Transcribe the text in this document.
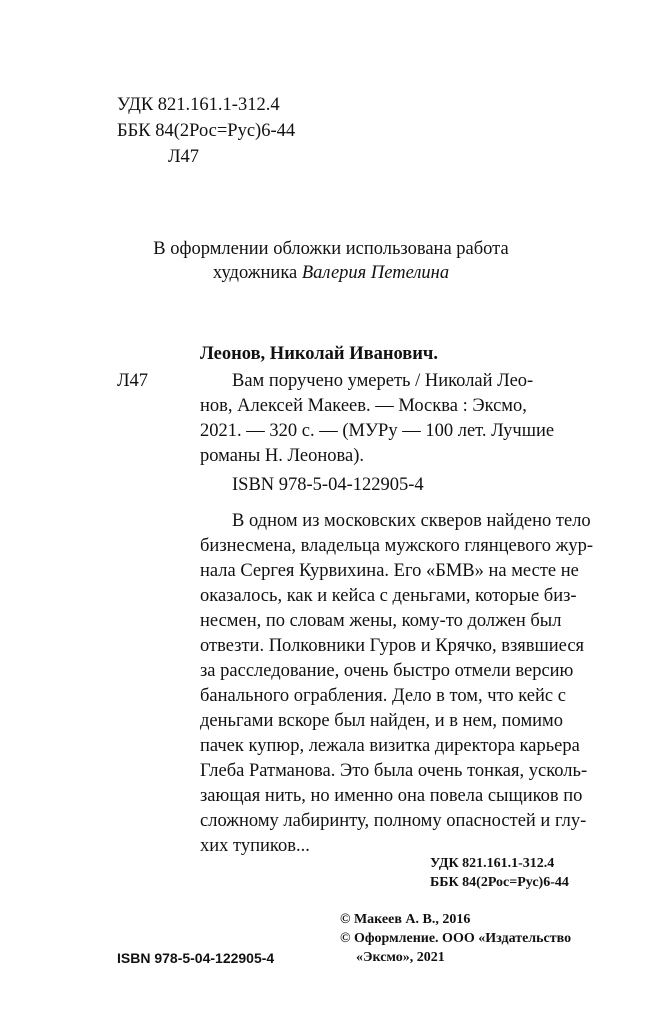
УДК 821.161.1-312.4
ББК 84(2Рос=Рус)6-44
Л47
В оформлении обложки использована работа
художника Валерия Петелина
Леонов, Николай Иванович.
Л47	Вам поручено умереть / Николай Лео-
нов, Алексей Макеев. — Москва : Эксмо,
2021. — 320 с. — (МУРу — 100 лет. Лучшие
романы Н. Леонова).
ISBN 978-5-04-122905-4
В одном из московских скверов найдено тело
бизнесмена, владельца мужского глянцевого жур-
нала Сергея Курвихина. Его «БМВ» на месте не
оказалось, как и кейса с деньгами, которые биз-
несмен, по словам жены, кому-то должен был
отвезти. Полковники Гуров и Крячко, взявшиеся
за расследование, очень быстро отмели версию
банального ограбления. Дело в том, что кейс с
деньгами вскоре был найден, и в нем, помимо
пачек купюр, лежала визитка директора карьера
Глеба Ратманова. Это была очень тонкая, усколь-
зающая нить, но именно она повела сыщиков по
сложному лабиринту, полному опасностей и глу-
хих тупиков...
УДК 821.161.1-312.4
ББК 84(2Рос=Рус)6-44
© Макеев А. В., 2016
© Оформление. ООО «Издательство
«Эксмо», 2021
ISBN 978-5-04-122905-4
